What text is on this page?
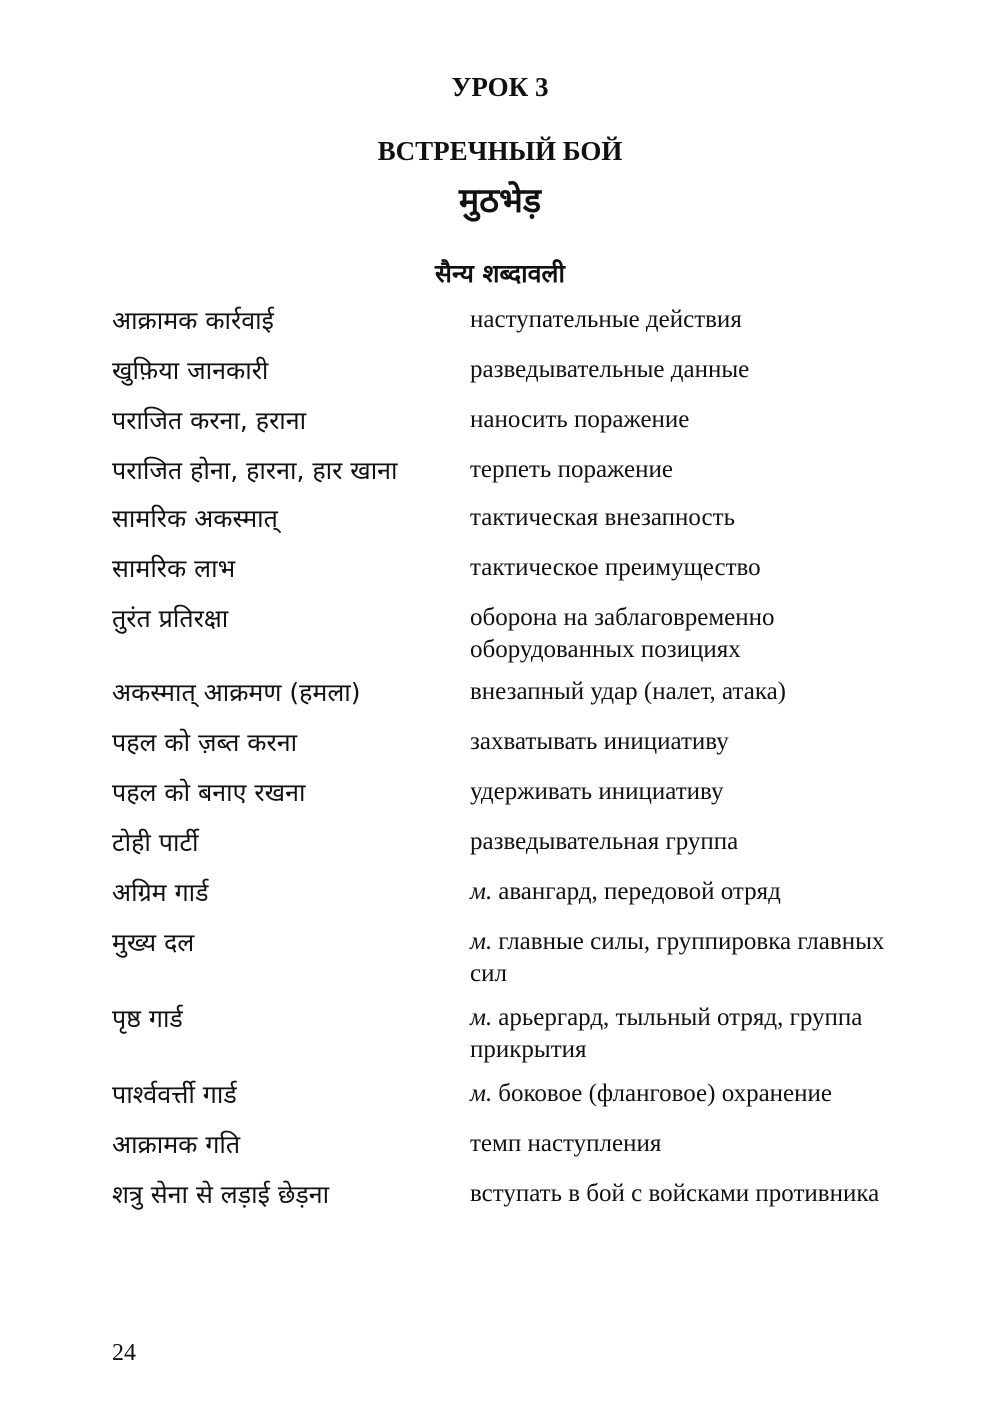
УРОК 3
ВСТРЕЧНЫЙ БОЙ
मुठभेड़
सैन्य शब्दावली
आक्रामक कार्रवाई	наступательные действия
खुफ़िया जानकारी	разведывательные данные
पराजित करना, हराना	наносить поражение
पराजित होना, हारना, हार खाना	терпеть поражение
सामरिक अकस्मात्	тактическая внезапность
सामरिक लाभ	тактическое преимущество
तुरंत प्रतिरक्षा	оборона на заблаговременно оборудованных позициях
अकस्मात् आक्रमण (हमला)	внезапный удар (налет, атака)
पहल को ज़ब्त करना	захватывать инициативу
पहल को बनाए रखना	удерживать инициативу
टोही पार्टी	разведывательная группа
अग्रिम गार्ड	м. авангард, передовой отряд
मुख्य दल	м. главные силы, группировка главных сил
पृष्ठ गार्ड	м. арьергард, тыльный отряд, группа прикрытия
पार्श्ववर्त्ती गार्ड	м. боковое (фланговое) охранение
आक्रामक गति	темп наступления
शत्रु सेना से लड़ाई छेड़ना	вступать в бой с войсками противника
24
